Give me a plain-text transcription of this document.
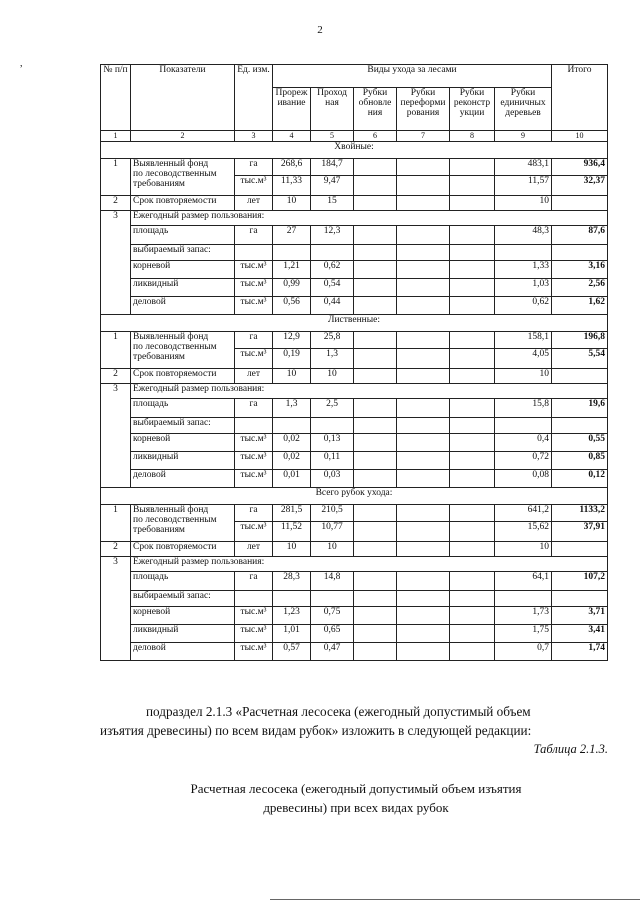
2
,
№ п/п	Показатели	Ед. изм.	Виды ухода за лесами						Итого
			Прореж ивание	Проход ная	Рубки обновле ния	Рубки переформи рования	Рубки реконстр укции	Рубки единичных деревьев	
1	2	3	4	5	6	7	8	9	10
Хвойные:									
1	Выявленный фонд
по лесоводственным
требованиям	га	268,6	184,7				483,1	936,4
		тыс.м³	11,33	9,47				11,57	32,37
2	Срок повторяемости	лет	10	15				10	
3	Ежегодный размер пользования:								
	площадь	га	27	12,3				48,3	87,6
	выбираемый запас:								
	корневой	тыс.м³	1,21	0,62				1,33	3,16
	ликвидный	тыс.м³	0,99	0,54				1,03	2,56
	деловой	тыс.м³	0,56	0,44				0,62	1,62
Лиственные:									
1	Выявленный фонд
по лесоводственным
требованиям	га	12,9	25,8				158,1	196,8
		тыс.м³	0,19	1,3				4,05	5,54
2	Срок повторяемости	лет	10	10				10	
3	Ежегодный размер пользования:								
	площадь	га	1,3	2,5				15,8	19,6
	выбираемый запас:								
	корневой	тыс.м³	0,02	0,13				0,4	0,55
	ликвидный	тыс.м³	0,02	0,11				0,72	0,85
	деловой	тыс.м³	0,01	0,03				0,08	0,12
Всего рубок ухода:									
1	Выявленный фонд
по лесоводственным
требованиям	га	281,5	210,5				641,2	1133,2
		тыс.м³	11,52	10,77				15,62	37,91
2	Срок повторяемости	лет	10	10				10	
3	Ежегодный размер пользования:								
	площадь	га	28,3	14,8				64,1	107,2
	выбираемый запас:								
	корневой	тыс.м³	1,23	0,75				1,73	3,71
	ликвидный	тыс.м³	1,01	0,65				1,75	3,41
	деловой	тыс.м³	0,57	0,47				0,7	1,74
подраздел 2.1.3 «Расчетная лесосека (ежегодный допустимый объем
изъятия древесины) по всем видам рубок» изложить в следующей редакции:
Таблица 2.1.3.
Расчетная лесосека (ежегодный допустимый объем изъятия
древесины) при всех видах рубок
